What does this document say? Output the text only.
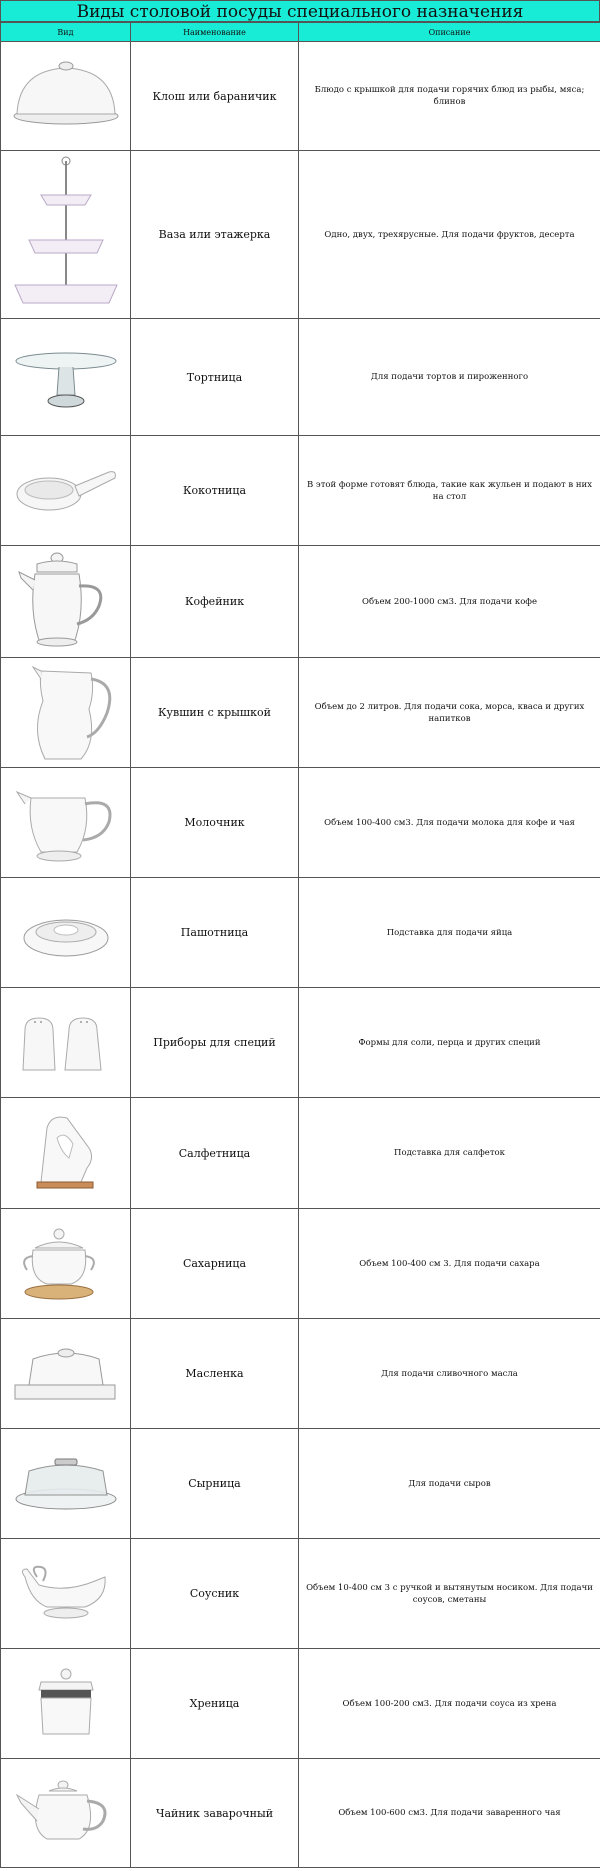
Виды столовой посуды специального назначения
Вид	Наименование	Описание

	Клош или бараничик	Блюдо с крышкой для подачи горячих блюд из рыбы, мяса; блинов

	Ваза или этажерка	Одно, двух, трехярусные. Для подачи фруктов, десерта

	Тортница	Для подачи тортов и пироженного

	Кокотница	В этой форме готовят блюда, такие как жульен и подают в них на стол

	Кофейник	Объем 200-1000 см3. Для подачи кофе

	Кувшин с крышкой	Объем до 2 литров. Для подачи сока, морса, кваса и других напитков

	Молочник	Объем 100-400 см3. Для подачи молока для кофе и чая

	Пашотница	Подставка для подачи яйца

	Приборы для специй	Формы для соли, перца и других специй

	Салфетница	Подставка для салфеток

	Сахарница	Объем 100-400 см 3. Для подачи сахара

	Масленка	Для подачи сливочного масла

	Сырница	Для подачи сыров

	Соусник	Объем 10-400 см 3 с ручкой и вытянутым носиком. Для подачи соусов, сметаны

	Хреница	Объем 100-200 см3. Для подачи соуса из хрена

	Чайник заварочный	Объем 100-600 см3. Для подачи заваренного чая
